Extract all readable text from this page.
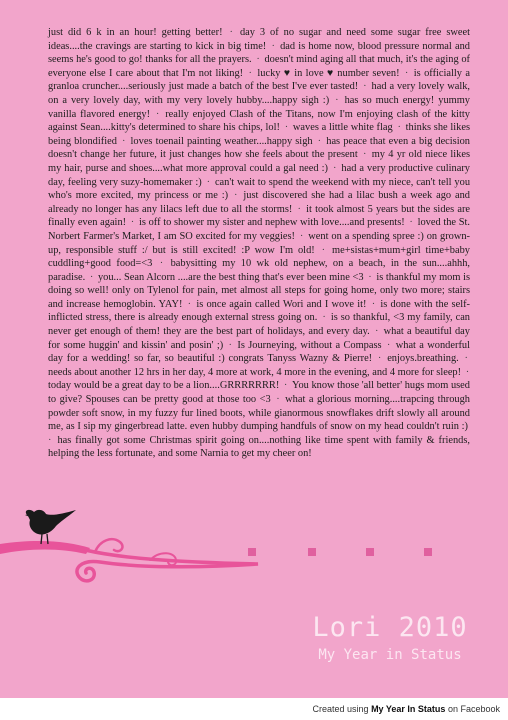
just did 6 k in an hour! getting better! · day 3 of no sugar and need some sugar free sweet ideas....the cravings are starting to kick in big time! · dad is home now, blood pressure normal and seems he's good to go! thanks for all the prayers. · doesn't mind aging all that much, it's the aging of everyone else I care about that I'm not liking! · lucky ♥ in love ♥ number seven! · is officially a granloa cruncher....seriously just made a batch of the best I've ever tasted! · had a very lovely walk, on a very lovely day, with my very lovely hubby....happy sigh :) · has so much energy! yummy vanilla flavored energy! · really enjoyed Clash of the Titans, now I'm enjoying clash of the kitty against Sean....kitty's determined to share his chips, lol! · waves a little white flag · thinks she likes being blondified · loves toenail painting weather....happy sigh · has peace that even a big decision doesn't change her future, it just changes how she feels about the present · my 4 yr old niece likes my hair, purse and shoes....what more approval could a gal need :) · had a very productive culinary day, feeling very suzy-homemaker :) · can't wait to spend the weekend with my niece, can't tell you who's more excited, my princess or me :) · just discovered she had a lilac bush a week ago and already no longer has any lilacs left due to all the storms! · it took almost 5 years but the sides are finally even again! · is off to shower my sister and nephew with love....and presents! · loved the St. Norbert Farmer's Market, I am SO excited for my veggies! · went on a spending spree :) on grown-up, responsible stuff :/ but is still excited! :P wow I'm old! · me+sistas+mum+girl time+baby cuddling+good food=<3 · babysitting my 10 wk old nephew, on a beach, in the sun....ahhh, paradise. · you... Sean Alcorn ....are the best thing that's ever been mine <3 · is thankful my mom is doing so well! only on Tylenol for pain, met almost all steps for going home, only two more; stairs and increase hemoglobin. YAY! · is once again called Wori and I wove it! · is done with the self-inflicted stress, there is already enough external stress going on. · is so thankful, <3 my family, can never get enough of them! they are the best part of holidays, and every day. · what a beautiful day for some huggin' and kissin' and posin' ;) · Is Journeying, without a Compass · what a wonderful day for a wedding! so far, so beautiful :) congrats Tanyss Wazny & Pierre! · enjoys.breathing. · needs about another 12 hrs in her day, 4 more at work, 4 more in the evening, and 4 more for sleep! · today would be a great day to be a lion....GRRRRRRR! · You know those 'all better' hugs mom used to give? Spouses can be pretty good at those too <3 · what a glorious morning....trapcing through powder soft snow, in my fuzzy fur lined boots, while gianormous snowflakes drift slowly all around me, as I sip my gingerbread latte. even hubby dumping handfuls of snow on my head couldn't ruin :) · has finally got some Christmas spirit going on....nothing like time spent with family & friends, helping the less fortunate, and some Narnia to get my cheer on!

Lori 2010
My Year in Status
Created using My Year In Status on Facebook
